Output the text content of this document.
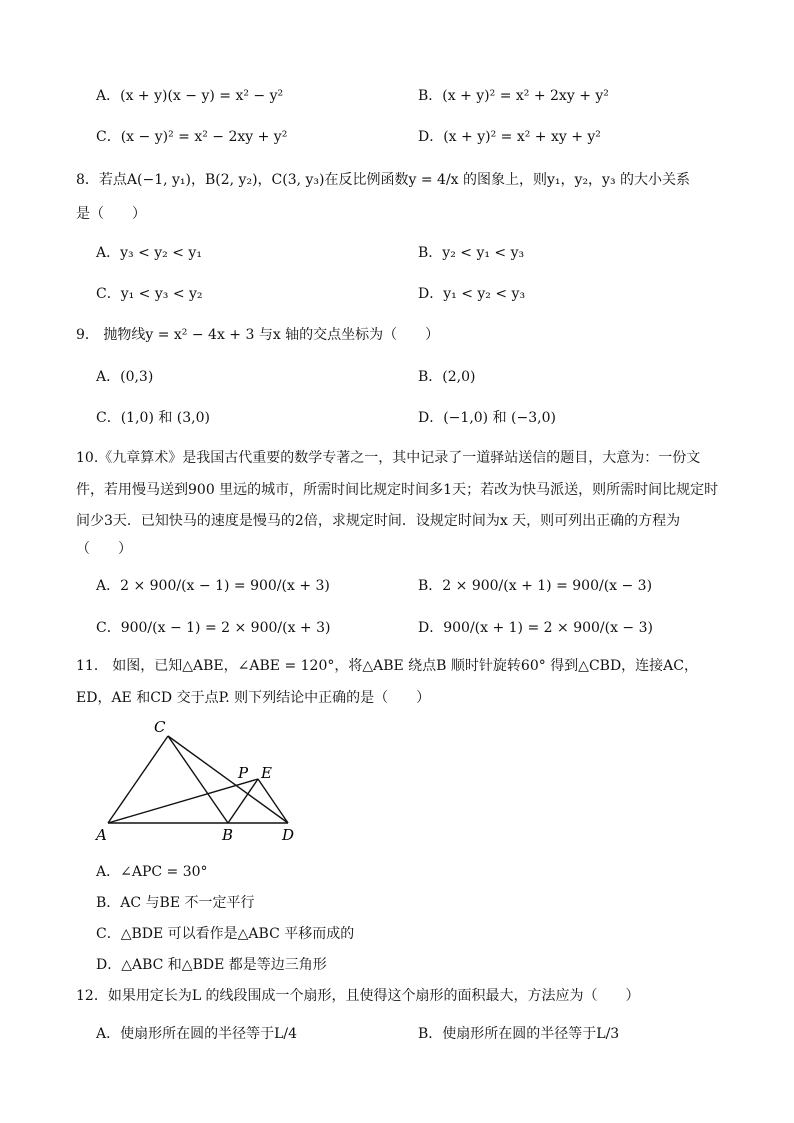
A．(x + y)(x − y) = x² − y²	B．(x + y)² = x² + 2xy + y²
C．(x − y)² = x² − 2xy + y²	D．(x + y)² = x² + xy + y²
8．若点A(−1, y₁)，B(2, y₂)，C(3, y₃)在反比例函数y = 4/x 的图象上，则y₁，y₂，y₃ 的大小关系
是（　　）
A．y₃ < y₂ < y₁	B．y₂ < y₁ < y₃
C．y₁ < y₃ < y₂	D．y₁ < y₂ < y₃
9． 抛物线y = x² − 4x + 3 与x 轴的交点坐标为（　　）
A．(0,3)	B．(2,0)
C．(1,0) 和 (3,0)	D．(−1,0) 和 (−3,0)
10.《九章算术》是我国古代重要的数学专著之一，其中记录了一道驿站送信的题目，大意为：一份文
件，若用慢马送到900 里远的城市，所需时间比规定时间多1天；若改为快马派送，则所需时间比规定时
间少3天．已知快马的速度是慢马的2倍，求规定时间．设规定时间为x 天，则可列出正确的方程为
（　　）
A．2 × 900/(x − 1) = 900/(x + 3)	B．2 × 900/(x + 1) = 900/(x − 3)
C．900/(x − 1) = 2 × 900/(x + 3)	D．900/(x + 1) = 2 × 900/(x − 3)
11． 如图，已知△ABE，∠ABE = 120°，将△ABE 绕点B 顺时针旋转60° 得到△CBD，连接AC，
ED，AE 和CD 交于点P. 则下列结论中正确的是（　　）
A	B
C
D
E
P
A．∠APC = 30°
B．AC 与BE 不一定平行
C．△BDE 可以看作是△ABC 平移而成的
D．△ABC 和△BDE 都是等边三角形
12．如果用定长为L 的线段围成一个扇形，且使得这个扇形的面积最大，方法应为（　　）
A．使扇形所在圆的半径等于L/4	B．使扇形所在圆的半径等于L/3
